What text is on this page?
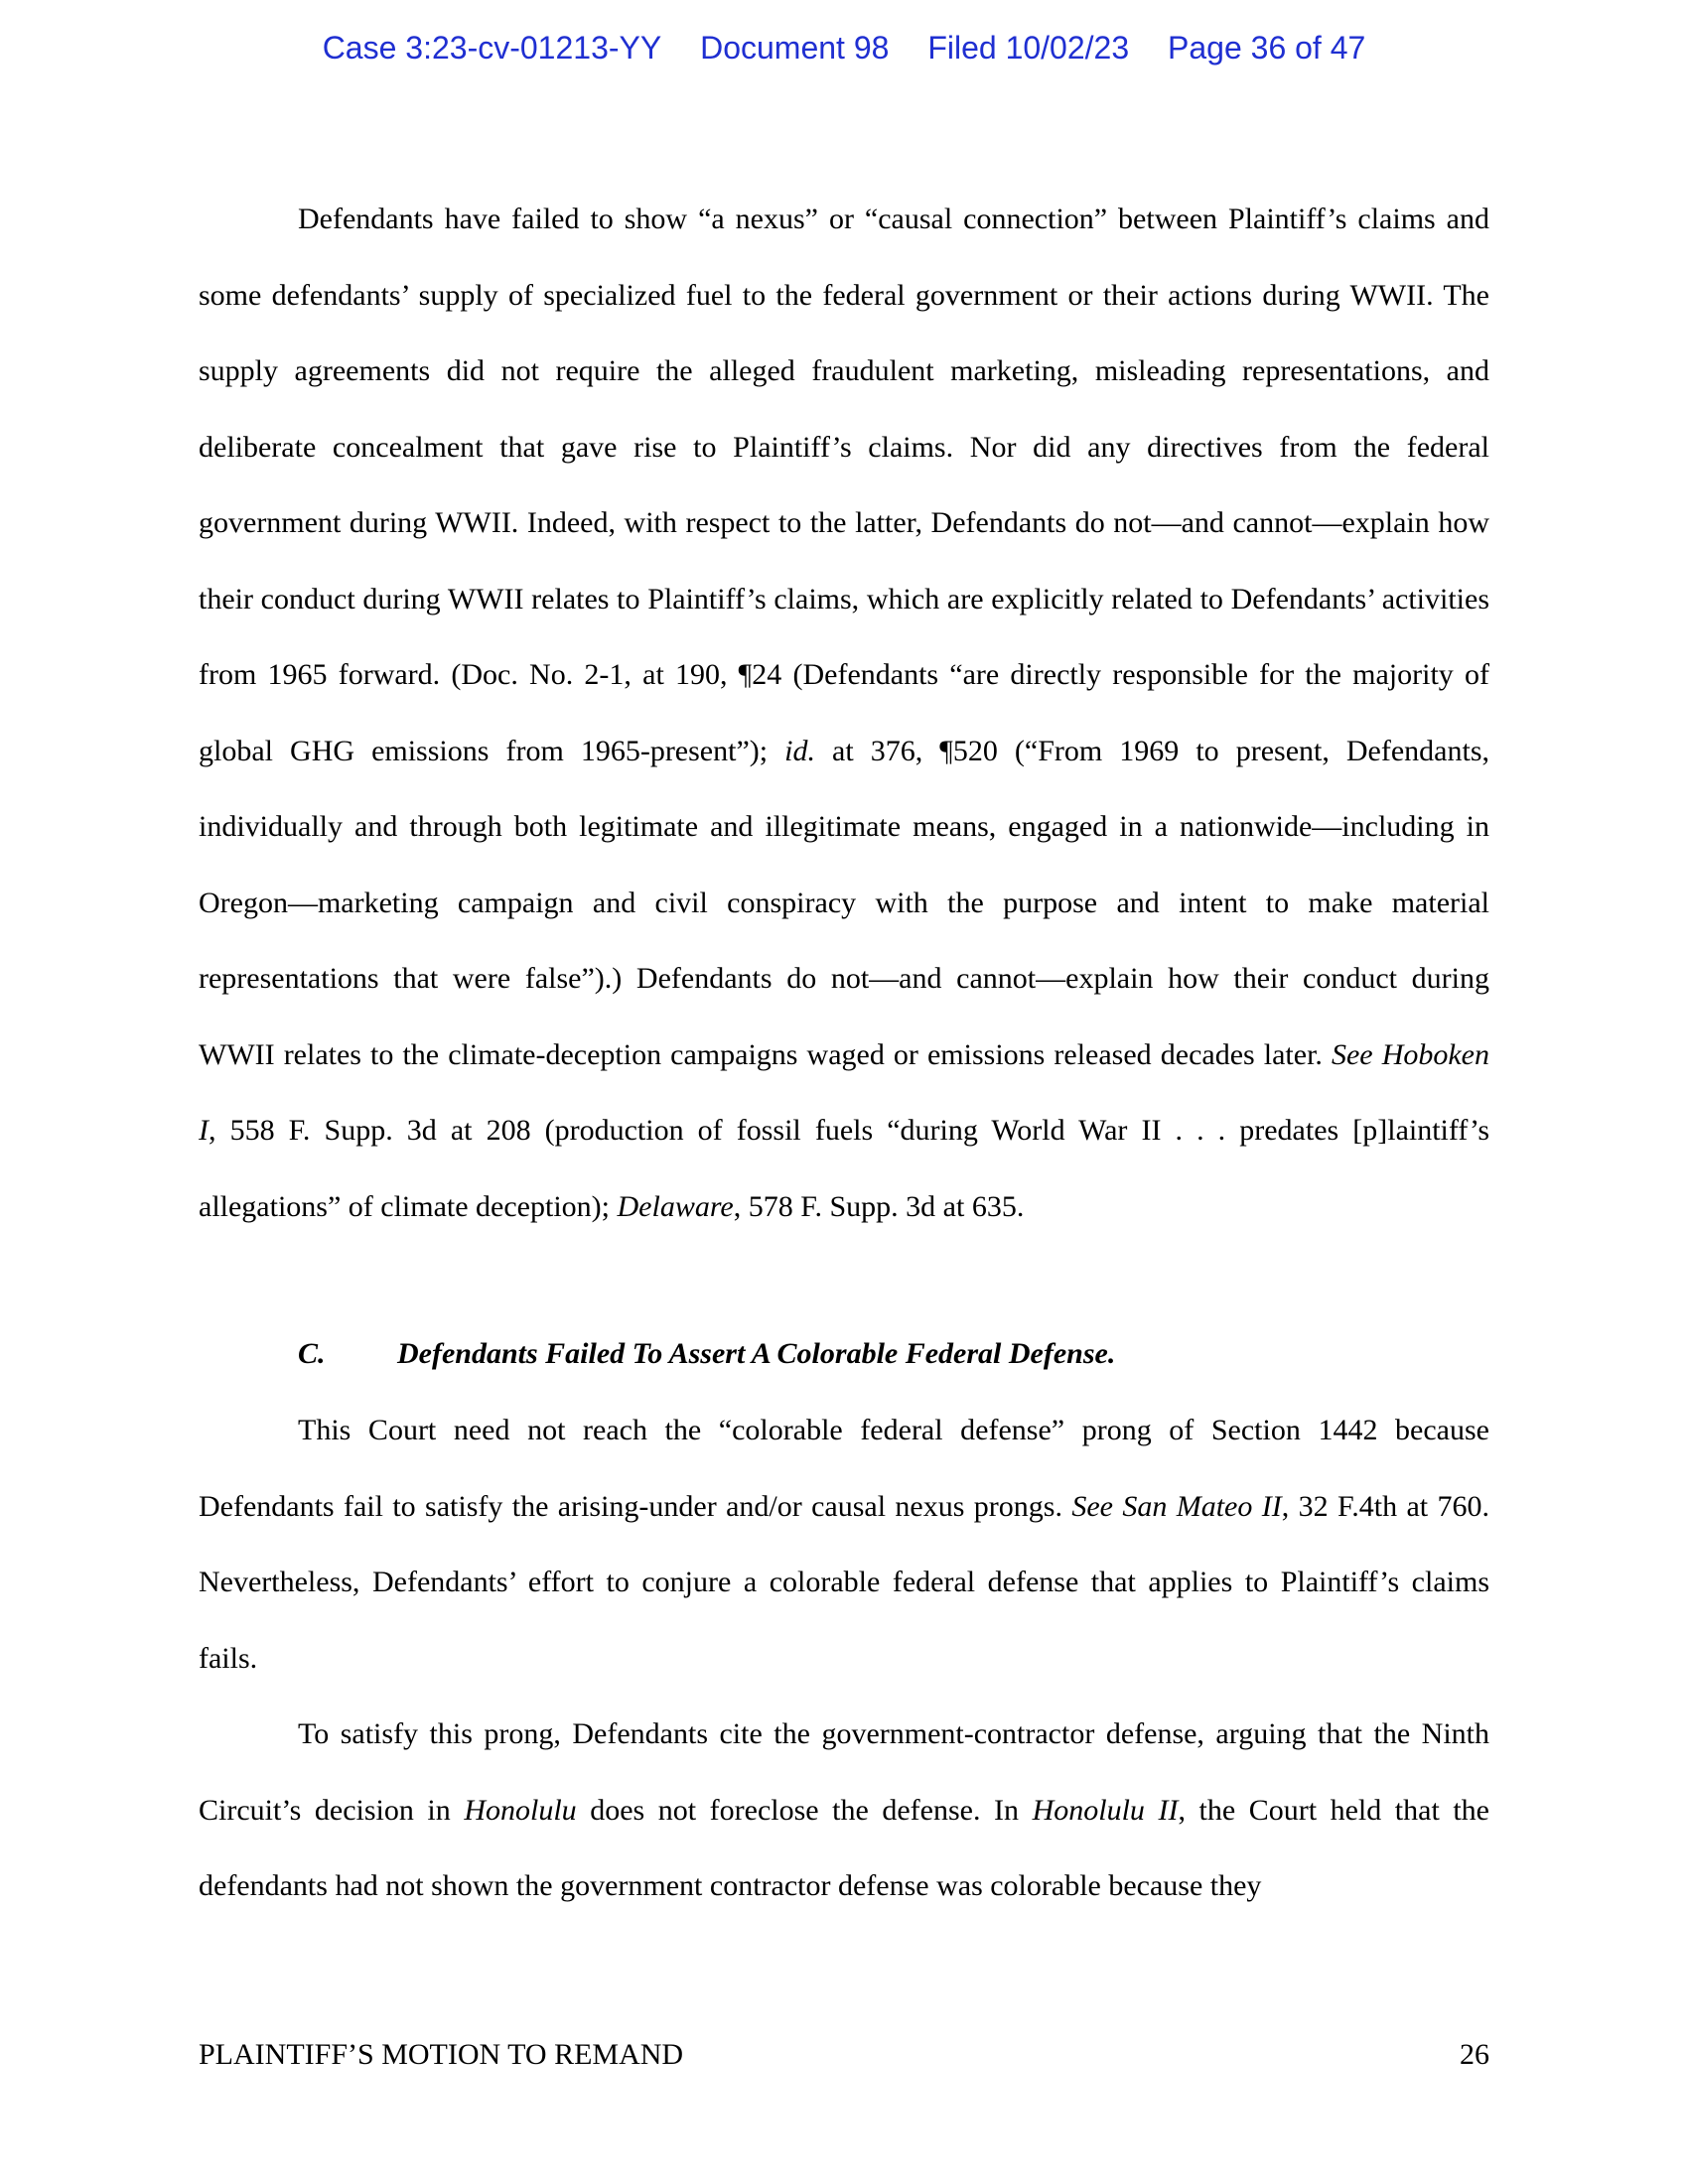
Case 3:23-cv-01213-YY Document 98 Filed 10/02/23 Page 36 of 47

Defendants have failed to show “a nexus” or “causal connection” between Plaintiff’s claims and some defendants’ supply of specialized fuel to the federal government or their actions during WWII. The supply agreements did not require the alleged fraudulent marketing, misleading representations, and deliberate concealment that gave rise to Plaintiff’s claims. Nor did any directives from the federal government during WWII. Indeed, with respect to the latter, Defendants do not—and cannot—explain how their conduct during WWII relates to Plaintiff’s claims, which are explicitly related to Defendants’ activities from 1965 forward. (Doc. No. 2-1, at 190, ¶24 (Defendants “are directly responsible for the majority of global GHG emissions from 1965-present”); id. at 376, ¶520 (“From 1969 to present, Defendants, individually and through both legitimate and illegitimate means, engaged in a nationwide—including in Oregon—marketing campaign and civil conspiracy with the purpose and intent to make material representations that were false”).) Defendants do not—and cannot—explain how their conduct during WWII relates to the climate-deception campaigns waged or emissions released decades later. See Hoboken I, 558 F. Supp. 3d at 208 (production of fossil fuels “during World War II . . . predates [p]laintiff’s allegations” of climate deception); Delaware, 578 F. Supp. 3d at 635.

C. Defendants Failed To Assert A Colorable Federal Defense.

This Court need not reach the “colorable federal defense” prong of Section 1442 because Defendants fail to satisfy the arising-under and/or causal nexus prongs. See San Mateo II, 32 F.4th at 760. Nevertheless, Defendants’ effort to conjure a colorable federal defense that applies to Plaintiff’s claims fails.

To satisfy this prong, Defendants cite the government-contractor defense, arguing that the Ninth Circuit’s decision in Honolulu does not foreclose the defense. In Honolulu II, the Court held that the defendants had not shown the government contractor defense was colorable because they

PLAINTIFF’S MOTION TO REMAND	26
